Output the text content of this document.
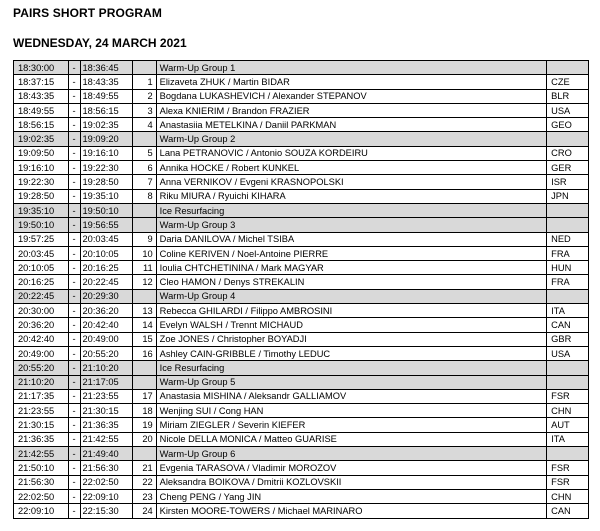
PAIRS SHORT PROGRAM
WEDNESDAY, 24 MARCH 2021
18:30:00	-	18:36:45		Warm-Up Group 1	
18:37:15	-	18:43:35	1	Elizaveta ZHUK / Martin BIDAR	CZE
18:43:35	-	18:49:55	2	Bogdana LUKASHEVICH / Alexander STEPANOV	BLR
18:49:55	-	18:56:15	3	Alexa KNIERIM / Brandon FRAZIER	USA
18:56:15	-	19:02:35	4	Anastasiia METELKINA / Daniil PARKMAN	GEO
19:02:35	-	19:09:20		Warm-Up Group 2	
19:09:50	-	19:16:10	5	Lana PETRANOVIC / Antonio SOUZA KORDEIRU	CRO
19:16:10	-	19:22:30	6	Annika HOCKE / Robert KUNKEL	GER
19:22:30	-	19:28:50	7	Anna VERNIKOV / Evgeni KRASNOPOLSKI	ISR
19:28:50	-	19:35:10	8	Riku MIURA / Ryuichi KIHARA	JPN
19:35:10	-	19:50:10		Ice Resurfacing	
19:50:10	-	19:56:55		Warm-Up Group 3	
19:57:25	-	20:03:45	9	Daria DANILOVA / Michel TSIBA	NED
20:03:45	-	20:10:05	10	Coline KERIVEN / Noel-Antoine PIERRE	FRA
20:10:05	-	20:16:25	11	Ioulia CHTCHETININA / Mark MAGYAR	HUN
20:16:25	-	20:22:45	12	Cleo HAMON / Denys STREKALIN	FRA
20:22:45	-	20:29:30		Warm-Up Group 4	
20:30:00	-	20:36:20	13	Rebecca GHILARDI / Filippo AMBROSINI	ITA
20:36:20	-	20:42:40	14	Evelyn WALSH / Trennt MICHAUD	CAN
20:42:40	-	20:49:00	15	Zoe JONES / Christopher BOYADJI	GBR
20:49:00	-	20:55:20	16	Ashley CAIN-GRIBBLE / Timothy LEDUC	USA
20:55:20	-	21:10:20		Ice Resurfacing	
21:10:20	-	21:17:05		Warm-Up Group 5	
21:17:35	-	21:23:55	17	Anastasia MISHINA / Aleksandr GALLIAMOV	FSR
21:23:55	-	21:30:15	18	Wenjing SUI / Cong HAN	CHN
21:30:15	-	21:36:35	19	Miriam ZIEGLER / Severin KIEFER	AUT
21:36:35	-	21:42:55	20	Nicole DELLA MONICA / Matteo GUARISE	ITA
21:42:55	-	21:49:40		Warm-Up Group 6	
21:50:10	-	21:56:30	21	Evgenia TARASOVA / Vladimir MOROZOV	FSR
21:56:30	-	22:02:50	22	Aleksandra BOIKOVA / Dmitrii KOZLOVSKII	FSR
22:02:50	-	22:09:10	23	Cheng PENG / Yang JIN	CHN
22:09:10	-	22:15:30	24	Kirsten MOORE-TOWERS / Michael MARINARO	CAN
